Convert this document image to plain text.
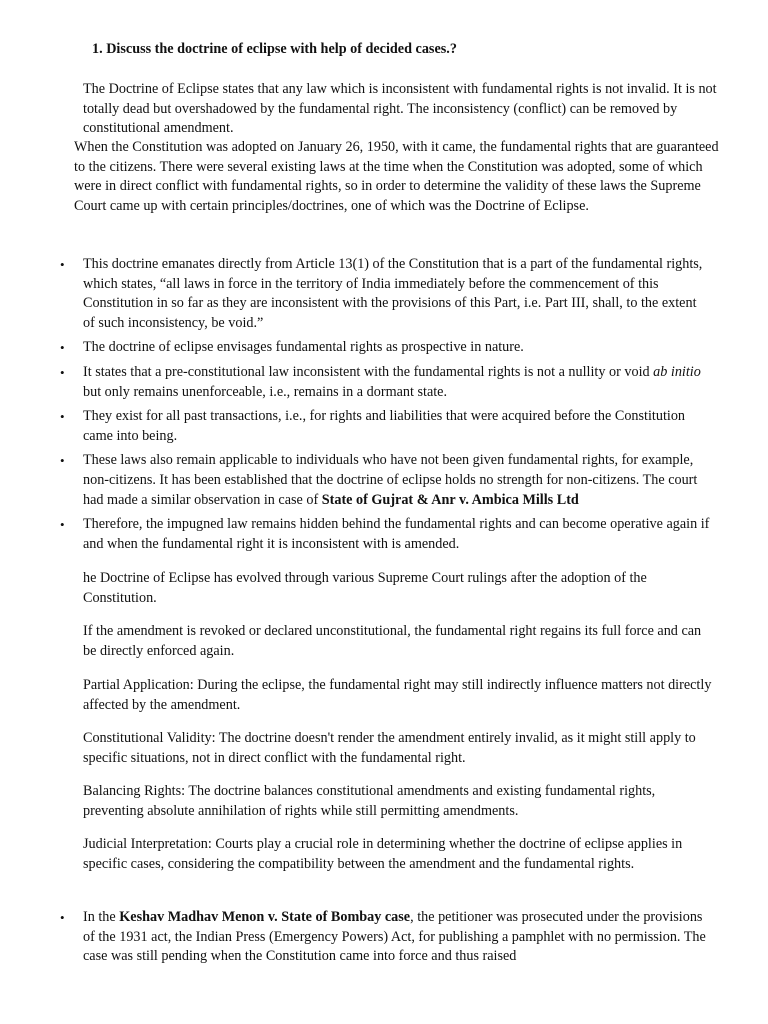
1. Discuss the doctrine of eclipse with help of decided cases.?
The Doctrine of Eclipse states that any law which is inconsistent with fundamental rights is not invalid. It is not totally dead but overshadowed by the fundamental right. The inconsistency (conflict) can be removed by constitutional amendment.
When the Constitution was adopted on January 26, 1950, with it came, the fundamental rights that are guaranteed to the citizens. There were several existing laws at the time when the Constitution was adopted, some of which were in direct conflict with fundamental rights, so in order to determine the validity of these laws the Supreme Court came up with certain principles/doctrines, one of which was the Doctrine of Eclipse.
• This doctrine emanates directly from Article 13(1) of the Constitution that is a part of the fundamental rights, which states, “all laws in force in the territory of India immediately before the commencement of this Constitution in so far as they are inconsistent with the provisions of this Part, i.e. Part III, shall, to the extent of such inconsistency, be void.”
• The doctrine of eclipse envisages fundamental rights as prospective in nature.
• It states that a pre-constitutional law inconsistent with the fundamental rights is not a nullity or void ab initio but only remains unenforceable, i.e., remains in a dormant state.
• They exist for all past transactions, i.e., for rights and liabilities that were acquired before the Constitution came into being.
• These laws also remain applicable to individuals who have not been given fundamental rights, for example, non-citizens. It has been established that the doctrine of eclipse holds no strength for non-citizens. The court had made a similar observation in case of State of Gujrat & Anr v. Ambica Mills Ltd
• Therefore, the impugned law remains hidden behind the fundamental rights and can become operative again if and when the fundamental right it is inconsistent with is amended.
he Doctrine of Eclipse has evolved through various Supreme Court rulings after the adoption of the Constitution.
If the amendment is revoked or declared unconstitutional, the fundamental right regains its full force and can be directly enforced again.
Partial Application: During the eclipse, the fundamental right may still indirectly influence matters not directly affected by the amendment.
Constitutional Validity: The doctrine doesn't render the amendment entirely invalid, as it might still apply to specific situations, not in direct conflict with the fundamental right.
Balancing Rights: The doctrine balances constitutional amendments and existing fundamental rights, preventing absolute annihilation of rights while still permitting amendments.
Judicial Interpretation: Courts play a crucial role in determining whether the doctrine of eclipse applies in specific cases, considering the compatibility between the amendment and the fundamental rights.
• In the Keshav Madhav Menon v. State of Bombay case, the petitioner was prosecuted under the provisions of the 1931 act, the Indian Press (Emergency Powers) Act, for publishing a pamphlet with no permission. The case was still pending when the Constitution came into force and thus raised
